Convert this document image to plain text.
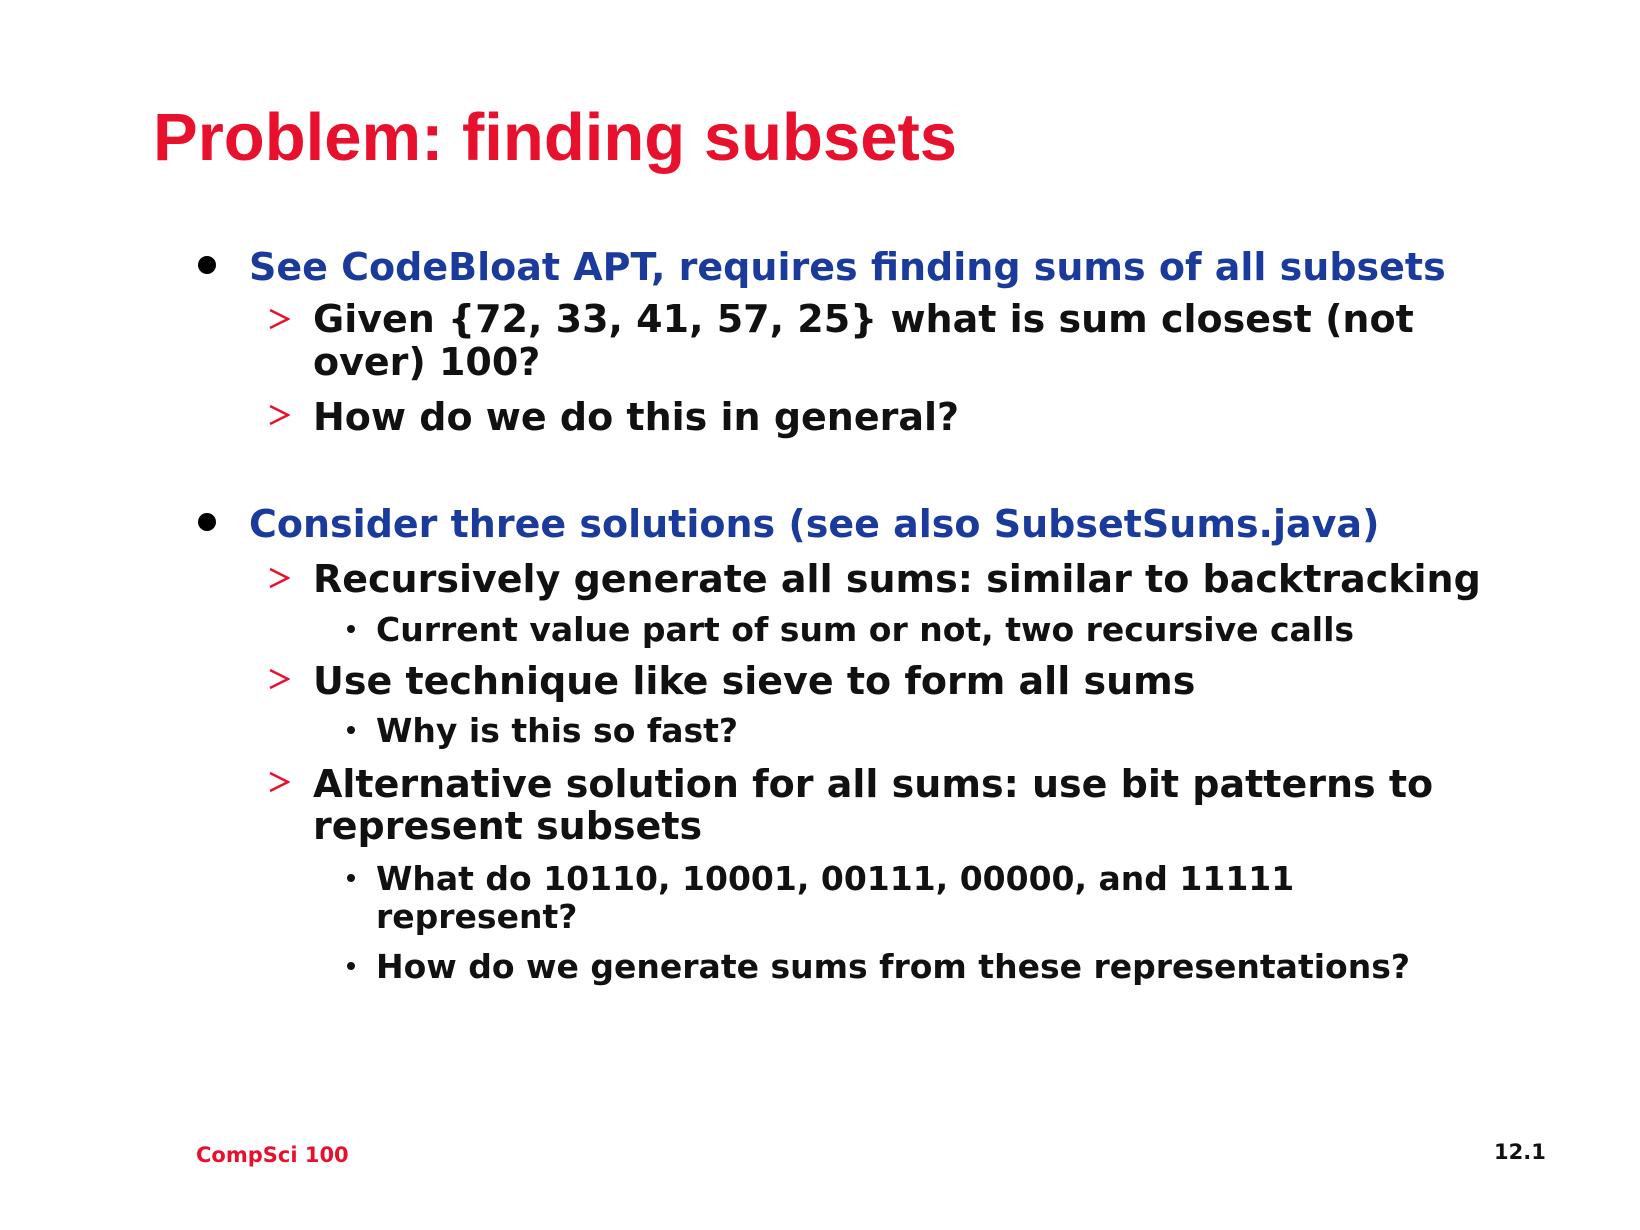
Problem: finding subsets
See CodeBloat APT, requires finding sums of all subsets
Given {72, 33, 41, 57, 25} what is sum closest (not
over) 100?
How do we do this in general?
Consider three solutions (see also SubsetSums.java)
Recursively generate all sums: similar to backtracking
Current value part of sum or not, two recursive calls
Use technique like sieve to form all sums
Why is this so fast?
Alternative solution for all sums: use bit patterns to
represent subsets
What do 10110, 10001, 00111, 00000, and 11111
represent?
How do we generate sums from these representations?
CompSci 100	12.1
